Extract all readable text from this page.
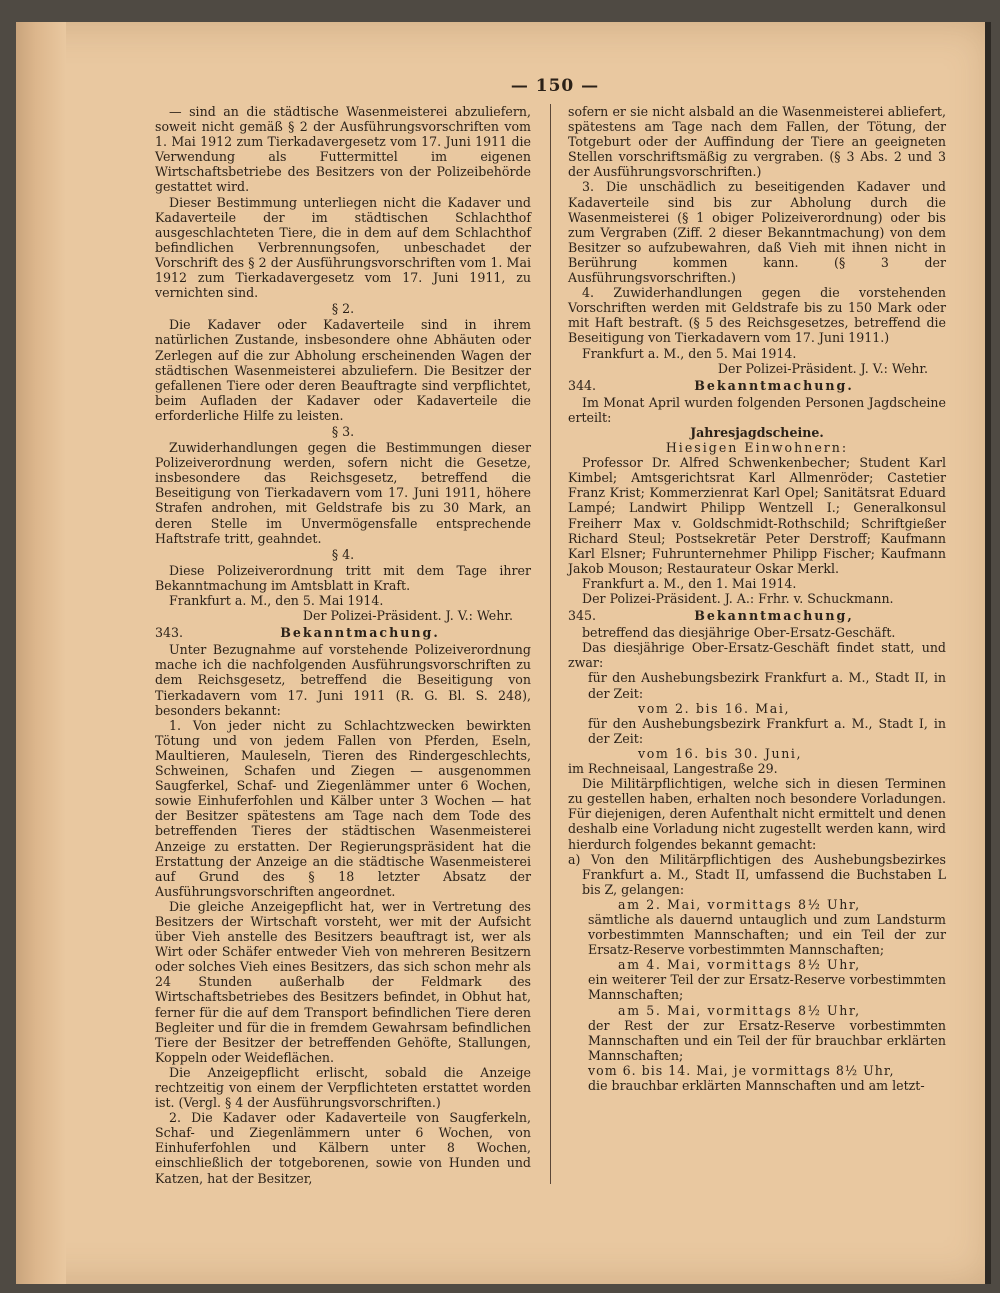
— 150 —

— sind an die städtische Wasenmeisterei abzuliefern, soweit nicht gemäß § 2 der Ausführungsvorschriften vom 1. Mai 1912 zum Tierkadavergesetz vom 17. Juni 1911 die Verwendung als Futtermittel im eigenen Wirtschaftsbetriebe des Besitzers von der Polizeibehörde gestattet wird.

Dieser Bestimmung unterliegen nicht die Kadaver und Kadaverteile der im städtischen Schlachthof ausgeschlachteten Tiere, die in dem auf dem Schlachthof befindlichen Verbrennungsofen, unbeschadet der Vorschrift des § 2 der Ausführungsvorschriften vom 1. Mai 1912 zum Tierkadavergesetz vom 17. Juni 1911, zu vernichten sind.

§ 2.

Die Kadaver oder Kadaverteile sind in ihrem natürlichen Zustande, insbesondere ohne Abhäuten oder Zerlegen auf die zur Abholung erscheinenden Wagen der städtischen Wasenmeisterei abzuliefern. Die Besitzer der gefallenen Tiere oder deren Beauftragte sind verpflichtet, beim Aufladen der Kadaver oder Kadaverteile die erforderliche Hilfe zu leisten.

§ 3.

Zuwiderhandlungen gegen die Bestimmungen dieser Polizeiverordnung werden, sofern nicht die Gesetze, insbesondere das Reichsgesetz, betreffend die Beseitigung von Tierkadavern vom 17. Juni 1911, höhere Strafen androhen, mit Geldstrafe bis zu 30 Mark, an deren Stelle im Unvermögensfalle entsprechende Haftstrafe tritt, geahndet.

§ 4.

Diese Polizeiverordnung tritt mit dem Tage ihrer Bekanntmachung im Amtsblatt in Kraft.

Frankfurt a. M., den 5. Mai 1914.

Der Polizei-Präsident. J. V.: Wehr.

343.	Bekanntmachung.

Unter Bezugnahme auf vorstehende Polizeiverordnung mache ich die nachfolgenden Ausführungsvorschriften zu dem Reichsgesetz, betreffend die Beseitigung von Tierkadavern vom 17. Juni 1911 (R. G. Bl. S. 248), besonders bekannt:

1. Von jeder nicht zu Schlachtzwecken bewirkten Tötung und von jedem Fallen von Pferden, Eseln, Maultieren, Mauleseln, Tieren des Rindergeschlechts, Schweinen, Schafen und Ziegen — ausgenommen Saugferkel, Schaf- und Ziegenlämmer unter 6 Wochen, sowie Einhuferfohlen und Kälber unter 3 Wochen — hat der Besitzer spätestens am Tage nach dem Tode des betreffenden Tieres der städtischen Wasenmeisterei Anzeige zu erstatten. Der Regierungspräsident hat die Erstattung der Anzeige an die städtische Wasenmeisterei auf Grund des § 18 letzter Absatz der Ausführungsvorschriften angeordnet.

Die gleiche Anzeigepflicht hat, wer in Vertretung des Besitzers der Wirtschaft vorsteht, wer mit der Aufsicht über Vieh anstelle des Besitzers beauftragt ist, wer als Wirt oder Schäfer entweder Vieh von mehreren Besitzern oder solches Vieh eines Besitzers, das sich schon mehr als 24 Stunden außerhalb der Feldmark des Wirtschaftsbetriebes des Besitzers befindet, in Obhut hat, ferner für die auf dem Transport befindlichen Tiere deren Begleiter und für die in fremdem Gewahrsam befindlichen Tiere der Besitzer der betreffenden Gehöfte, Stallungen, Koppeln oder Weideflächen.

Die Anzeigepflicht erlischt, sobald die Anzeige rechtzeitig von einem der Verpflichteten erstattet worden ist. (Vergl. § 4 der Ausführungsvorschriften.)

2. Die Kadaver oder Kadaverteile von Saugferkeln, Schaf- und Ziegenlämmern unter 6 Wochen, von Einhuferfohlen und Kälbern unter 8 Wochen, einschließlich der totgeborenen, sowie von Hunden und Katzen, hat der Besitzer,

sofern er sie nicht alsbald an die Wasenmeisterei abliefert, spätestens am Tage nach dem Fallen, der Tötung, der Totgeburt oder der Auffindung der Tiere an geeigneten Stellen vorschriftsmäßig zu vergraben. (§ 3 Abs. 2 und 3 der Ausführungsvorschriften.)

3. Die unschädlich zu beseitigenden Kadaver und Kadaverteile sind bis zur Abholung durch die Wasenmeisterei (§ 1 obiger Polizeiverordnung) oder bis zum Vergraben (Ziff. 2 dieser Bekanntmachung) von dem Besitzer so aufzubewahren, daß Vieh mit ihnen nicht in Berührung kommen kann. (§ 3 der Ausführungsvorschriften.)

4. Zuwiderhandlungen gegen die vorstehenden Vorschriften werden mit Geldstrafe bis zu 150 Mark oder mit Haft bestraft. (§ 5 des Reichsgesetzes, betreffend die Beseitigung von Tierkadavern vom 17. Juni 1911.)

Frankfurt a. M., den 5. Mai 1914.

Der Polizei-Präsident. J. V.: Wehr.

344.	Bekanntmachung.

Im Monat April wurden folgenden Personen Jagdscheine erteilt:

Jahresjagdscheine.

Hiesigen Einwohnern:

Professor Dr. Alfred Schwenkenbecher; Student Karl Kimbel; Amtsgerichtsrat Karl Allmenröder; Castetier Franz Krist; Kommerzienrat Karl Opel; Sanitätsrat Eduard Lampé; Landwirt Philipp Wentzell I.; Generalkonsul Freiherr Max v. Goldschmidt-Rothschild; Schriftgießer Richard Steul; Postsekretär Peter Derstroff; Kaufmann Karl Elsner; Fuhrunternehmer Philipp Fischer; Kaufmann Jakob Mouson; Restaurateur Oskar Merkl.

Frankfurt a. M., den 1. Mai 1914.

Der Polizei-Präsident. J. A.: Frhr. v. Schuckmann.

345.	Bekanntmachung,

betreffend das diesjährige Ober-Ersatz-Geschäft.

Das diesjährige Ober-Ersatz-Geschäft findet statt, und zwar:

für den Aushebungsbezirk Frankfurt a. M., Stadt II, in der Zeit:

vom 2. bis 16. Mai,

für den Aushebungsbezirk Frankfurt a. M., Stadt I, in der Zeit:

vom 16. bis 30. Juni,

im Rechneisaal, Langestraße 29.

Die Militärpflichtigen, welche sich in diesen Terminen zu gestellen haben, erhalten noch besondere Vorladungen. Für diejenigen, deren Aufenthalt nicht ermittelt und denen deshalb eine Vorladung nicht zugestellt werden kann, wird hierdurch folgendes bekannt gemacht:

a) Von den Militärpflichtigen des Aushebungsbezirkes Frankfurt a. M., Stadt II, umfassend die Buchstaben L bis Z, gelangen:

am 2. Mai, vormittags 8½ Uhr,

sämtliche als dauernd untauglich und zum Landsturm vorbestimmten Mannschaften; und ein Teil der zur Ersatz-Reserve vorbestimmten Mannschaften;

am 4. Mai, vormittags 8½ Uhr,

ein weiterer Teil der zur Ersatz-Reserve vorbestimmten Mannschaften;

am 5. Mai, vormittags 8½ Uhr,

der Rest der zur Ersatz-Reserve vorbestimmten Mannschaften und ein Teil der für brauchbar erklärten Mannschaften;

vom 6. bis 14. Mai, je vormittags 8½ Uhr,

die brauchbar erklärten Mannschaften und am letzt-
